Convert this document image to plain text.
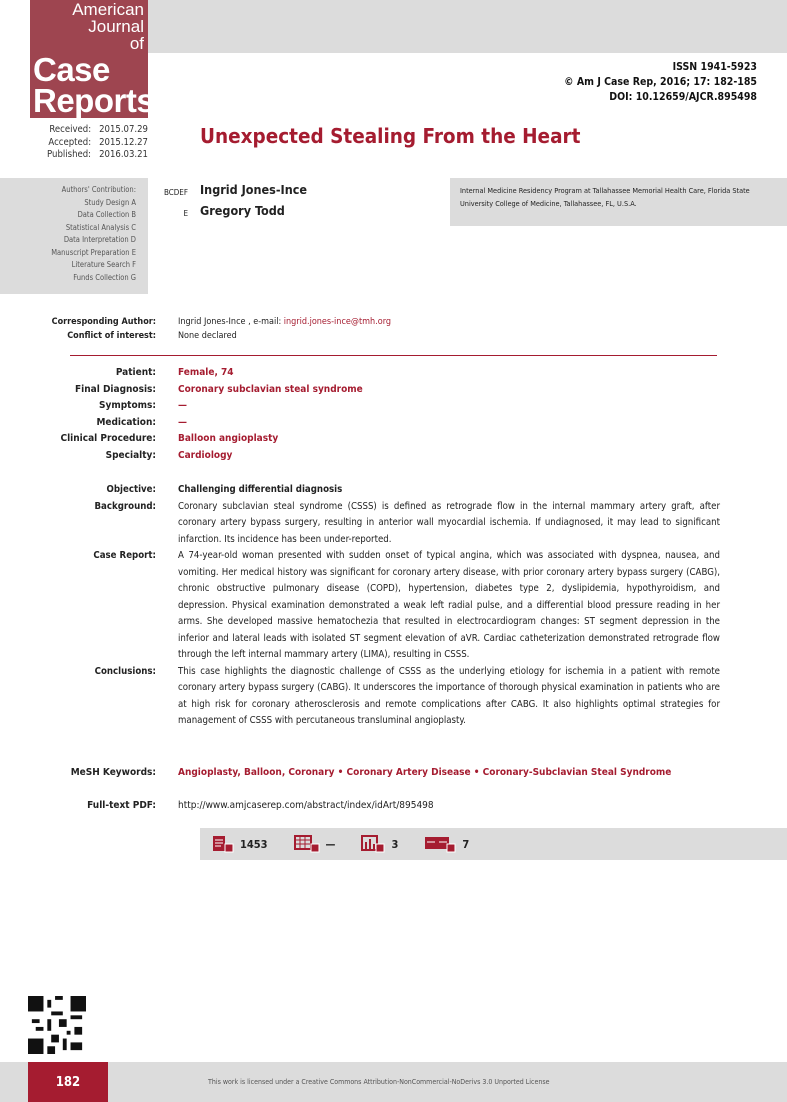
American
Journal
of
Case
Reports
ISSN 1941-5923
© Am J Case Rep, 2016; 17: 182-185
DOI: 10.12659/AJCR.895498
Received: 2015.07.29
Accepted: 2015.12.27
Published: 2016.03.21
Unexpected Stealing From the Heart
Authors' Contribution:
Study Design A
Data Collection B
Statistical Analysis C
Data Interpretation D
Manuscript Preparation E
Literature Search F
Funds Collection G
BCDEF Ingrid Jones-Ince
E Gregory Todd
Internal Medicine Residency Program at Tallahassee Memorial Health Care, Florida State University College of Medicine, Tallahassee, FL, U.S.A.
Corresponding Author:	Ingrid Jones-Ince , e-mail: ingrid.jones-ince@tmh.org
Conflict of interest:	None declared
Patient:	Female, 74
Final Diagnosis:	Coronary subclavian steal syndrome
Symptoms:	—
Medication:	—
Clinical Procedure:	Balloon angioplasty
Specialty:	Cardiology
Objective:	Challenging differential diagnosis
Background:	Coronary subclavian steal syndrome (CSSS) is defined as retrograde flow in the internal mammary artery graft, after coronary artery bypass surgery, resulting in anterior wall myocardial ischemia. If undiagnosed, it may lead to significant infarction. Its incidence has been under-reported.
Case Report:	A 74-year-old woman presented with sudden onset of typical angina, which was associated with dyspnea, nausea, and vomiting. Her medical history was significant for coronary artery disease, with prior coronary artery bypass surgery (CABG), chronic obstructive pulmonary disease (COPD), hypertension, diabetes type 2, dyslipidemia, hypothyroidism, and depression. Physical examination demonstrated a weak left radial pulse, and a differential blood pressure reading in her arms. She developed massive hematochezia that resulted in electrocardiogram changes: ST segment depression in the inferior and lateral leads with isolated ST segment elevation of aVR. Cardiac catheterization demonstrated retrograde flow through the left internal mammary artery (LIMA), resulting in CSSS.
Conclusions:	This case highlights the diagnostic challenge of CSSS as the underlying etiology for ischemia in a patient with remote coronary artery bypass surgery (CABG). It underscores the importance of thorough physical examination in patients who are at high risk for coronary atherosclerosis and remote complications after CABG. It also highlights optimal strategies for management of CSSS with percutaneous transluminal angioplasty.
MeSH Keywords:	Angioplasty, Balloon, Coronary • Coronary Artery Disease • Coronary-Subclavian Steal Syndrome
Full-text PDF:	http://www.amjcaserep.com/abstract/index/idArt/895498
1453	—	3	7
182	This work is licensed under a Creative Commons Attribution-NonCommercial-NoDerivs 3.0 Unported License
